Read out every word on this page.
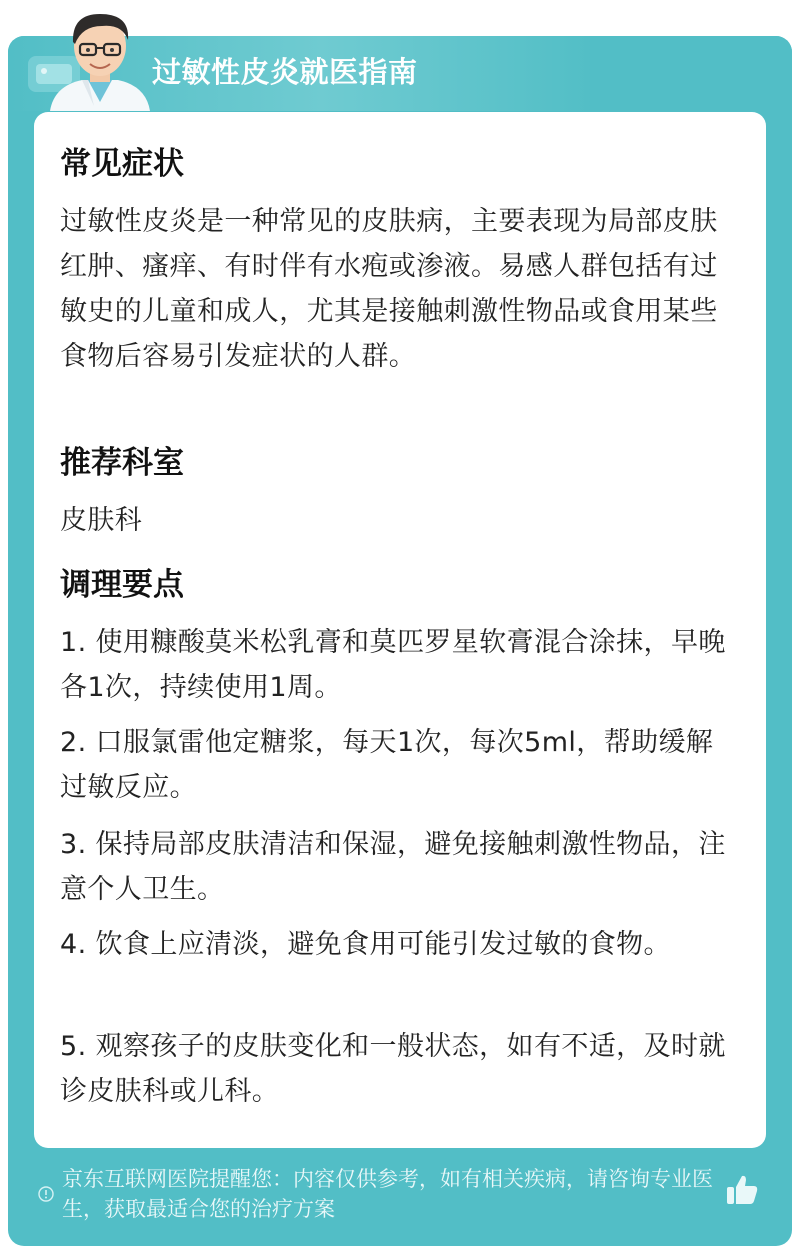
过敏性皮炎就医指南
常见症状
过敏性皮炎是一种常见的皮肤病，主要表现为局部皮肤红肿、瘙痒、有时伴有水疱或渗液。易感人群包括有过敏史的儿童和成人，尤其是接触刺激性物品或食用某些食物后容易引发症状的人群。
推荐科室
皮肤科
调理要点
1. 使用糠酸莫米松乳膏和莫匹罗星软膏混合涂抹，早晚各1次，持续使用1周。
2. 口服氯雷他定糖浆，每天1次，每次5ml，帮助缓解过敏反应。
3. 保持局部皮肤清洁和保湿，避免接触刺激性物品，注意个人卫生。
4. 饮食上应清淡，避免食用可能引发过敏的食物。
5. 观察孩子的皮肤变化和一般状态，如有不适，及时就诊皮肤科或儿科。
京东互联网医院提醒您：内容仅供参考，如有相关疾病，请咨询专业医生，获取最适合您的治疗方案
